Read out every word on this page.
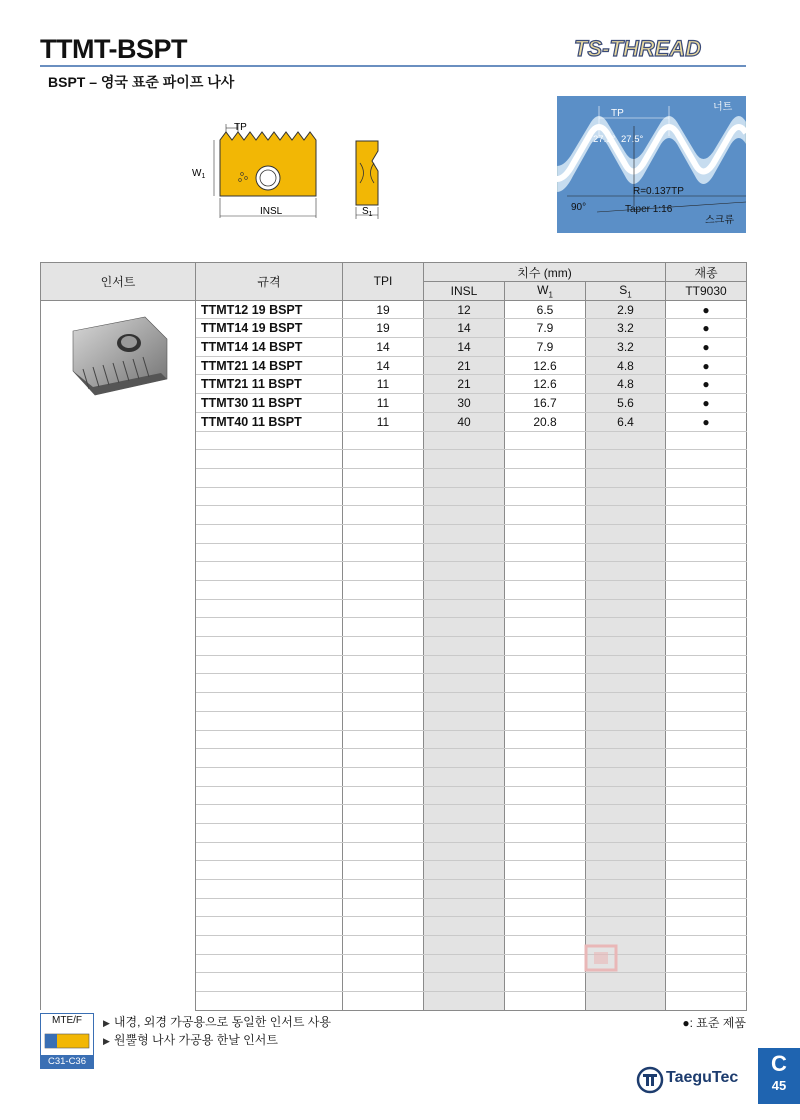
TTMT-BSPT
BSPT – 영국 표준 파이프 나사
TS-THREAD
TP
$W_1$
INSL	$S_1$
TP
27.5° 27.5°
너트
R=0.137TP
90°	Taper 1:16
스크류
인서트	규격	TPI	치수 (mm)			재종
			INSL	$W_1$	$S_1$	TT9030
	TTMT12 19 BSPT	19	12	6.5	2.9	●
	TTMT14 19 BSPT	19	14	7.9	3.2	●
	TTMT14 14 BSPT	14	14	7.9	3.2	●
	TTMT21 14 BSPT	14	21	12.6	4.8	●
	TTMT21 11 BSPT	11	21	12.6	4.8	●
	TTMT30 11 BSPT	11	30	16.7	5.6	●
	TTMT40 11 BSPT	11	40	20.8	6.4	●

MTE/F
C31-C36
▶ 내경, 외경 가공용으로 동일한 인서트 사용
▶ 원뿔형 나사 가공용 한날 인서트
●: 표준 제품
TaeguTec
C
45
